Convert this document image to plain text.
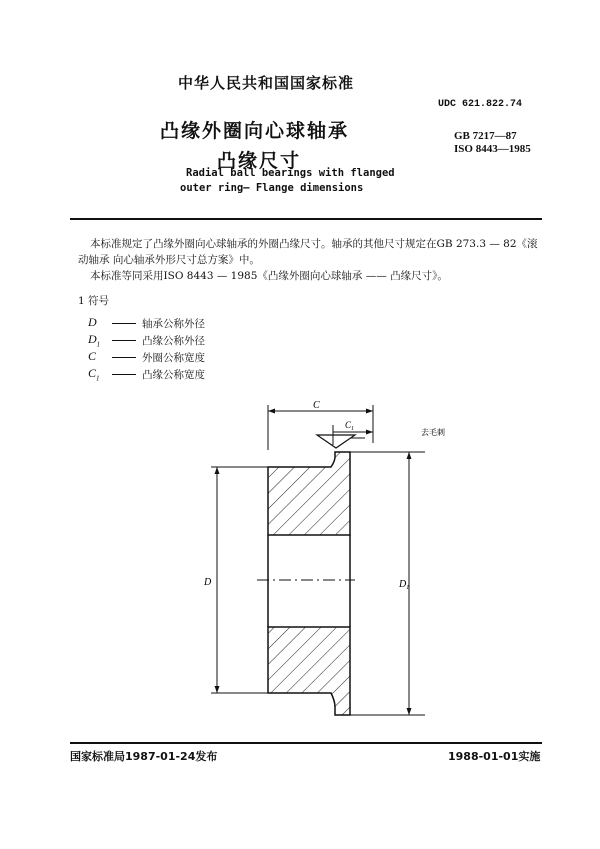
中华人民共和国国家标准
UDC 621.822.74
凸缘外圈向心球轴承
凸缘尺寸
GB 7217—87
ISO 8443—1985
Radial ball bearings with flanged
outer ring— Flange dimensions
本标准规定了凸缘外圈向心球轴承的外圈凸缘尺寸。轴承的其他尺寸规定在GB 273.3 — 82《滚
动轴承 向心轴承外形尺寸总方案》中。
本标准等同采用ISO 8443 — 1985《凸缘外圈向心球轴承 —— 凸缘尺寸》。
1 符号
D	轴承公称外径
$D_1$	凸缘公称外径
C	外圈公称宽度
$C_1$	凸缘公称宽度
C
$C_1$	去毛刺
D	$D_1$
国家标准局1987-01-24发布	1988-01-01实施
